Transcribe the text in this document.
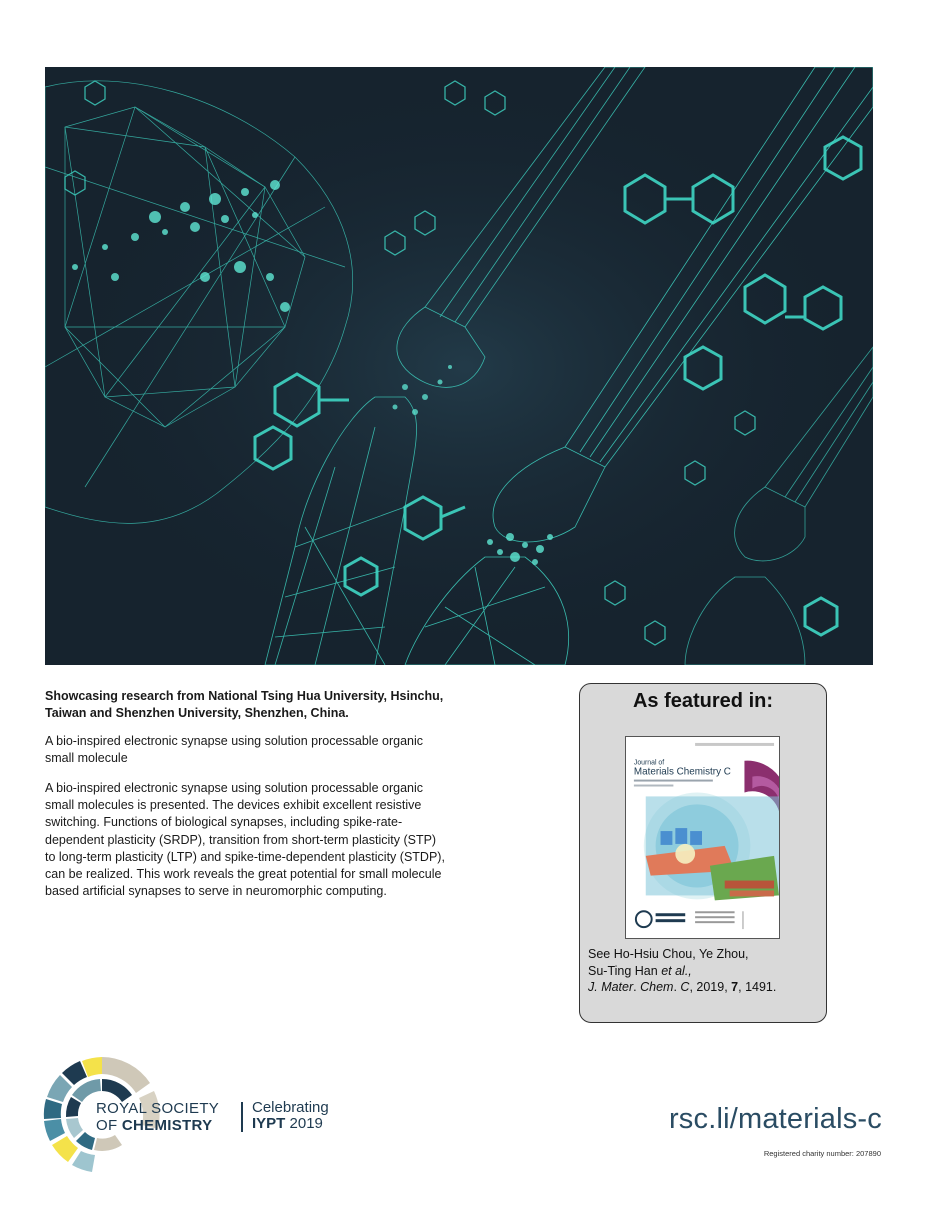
Showcasing research from National Tsing Hua University, Hsinchu, Taiwan and Shenzhen University, Shenzhen, China.

A bio-inspired electronic synapse using solution processable organic small molecule

A bio-inspired electronic synapse using solution processable organic small molecules is presented. The devices exhibit excellent resistive switching. Functions of biological synapses, including spike-rate-dependent plasticity (SRDP), transition from short-term plasticity (STP) to long-term plasticity (LTP) and spike-time-dependent plasticity (STDP), can be realized. This work reveals the great potential for small molecule based artificial synapses to serve in neuromorphic computing.

As featured in:
Journal of
Materials Chemistry C
See Ho-Hsiu Chou, Ye Zhou,
Su-Ting Han et al.,
J. Mater. Chem. C, 2019, 7, 1491.
ROYAL SOCIETY
OF CHEMISTRY
Celebrating
IYPT 2019	rsc.li/materials-c
Registered charity number: 207890
